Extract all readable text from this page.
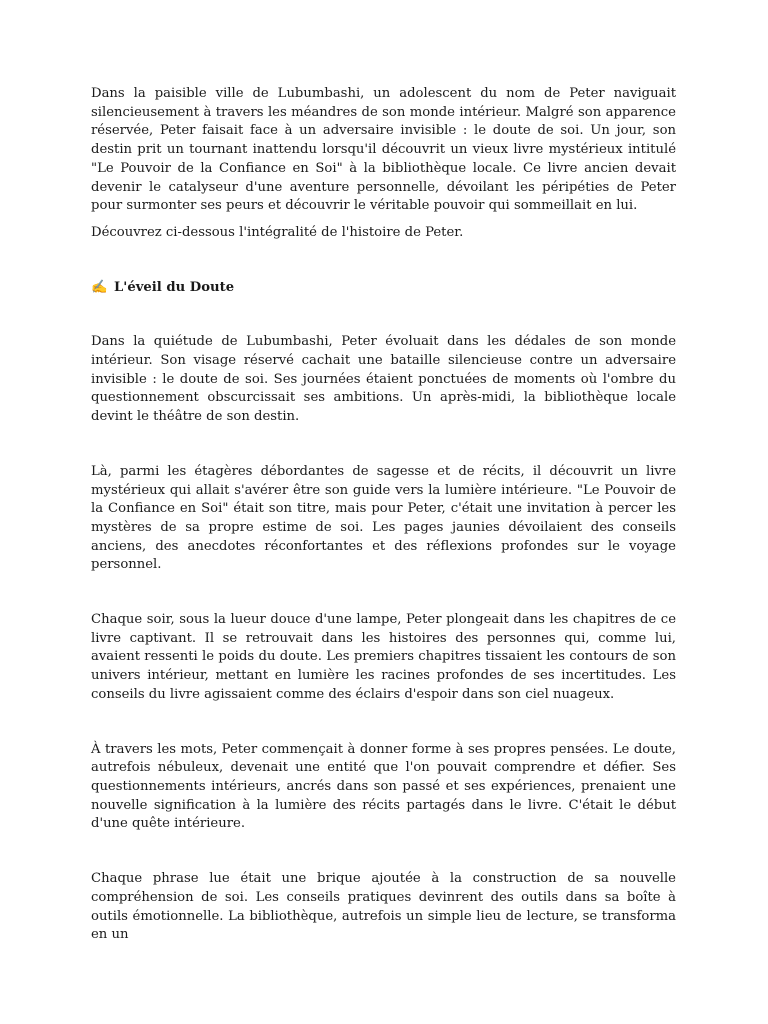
Dans la paisible ville de Lubumbashi, un adolescent du nom de Peter naviguait silencieusement à travers les méandres de son monde intérieur. Malgré son apparence réservée, Peter faisait face à un adversaire invisible : le doute de soi. Un jour, son destin prit un tournant inattendu lorsqu'il découvrit un vieux livre mystérieux intitulé "Le Pouvoir de la Confiance en Soi" à la bibliothèque locale. Ce livre ancien devait devenir le catalyseur d'une aventure personnelle, dévoilant les péripéties de Peter pour surmonter ses peurs et découvrir le véritable pouvoir qui sommeillait en lui.

Découvrez ci-dessous l'intégralité de l'histoire de Peter.

✍ L'éveil du Doute

Dans la quiétude de Lubumbashi, Peter évoluait dans les dédales de son monde intérieur. Son visage réservé cachait une bataille silencieuse contre un adversaire invisible : le doute de soi. Ses journées étaient ponctuées de moments où l'ombre du questionnement obscurcissait ses ambitions. Un après-midi, la bibliothèque locale devint le théâtre de son destin.

Là, parmi les étagères débordantes de sagesse et de récits, il découvrit un livre mystérieux qui allait s'avérer être son guide vers la lumière intérieure. "Le Pouvoir de la Confiance en Soi" était son titre, mais pour Peter, c'était une invitation à percer les mystères de sa propre estime de soi. Les pages jaunies dévoilaient des conseils anciens, des anecdotes réconfortantes et des réflexions profondes sur le voyage personnel.

Chaque soir, sous la lueur douce d'une lampe, Peter plongeait dans les chapitres de ce livre captivant. Il se retrouvait dans les histoires des personnes qui, comme lui, avaient ressenti le poids du doute. Les premiers chapitres tissaient les contours de son univers intérieur, mettant en lumière les racines profondes de ses incertitudes. Les conseils du livre agissaient comme des éclairs d'espoir dans son ciel nuageux.

À travers les mots, Peter commençait à donner forme à ses propres pensées. Le doute, autrefois nébuleux, devenait une entité que l'on pouvait comprendre et défier. Ses questionnements intérieurs, ancrés dans son passé et ses expériences, prenaient une nouvelle signification à la lumière des récits partagés dans le livre. C'était le début d'une quête intérieure.

Chaque phrase lue était une brique ajoutée à la construction de sa nouvelle compréhension de soi. Les conseils pratiques devinrent des outils dans sa boîte à outils émotionnelle. La bibliothèque, autrefois un simple lieu de lecture, se transforma en un
